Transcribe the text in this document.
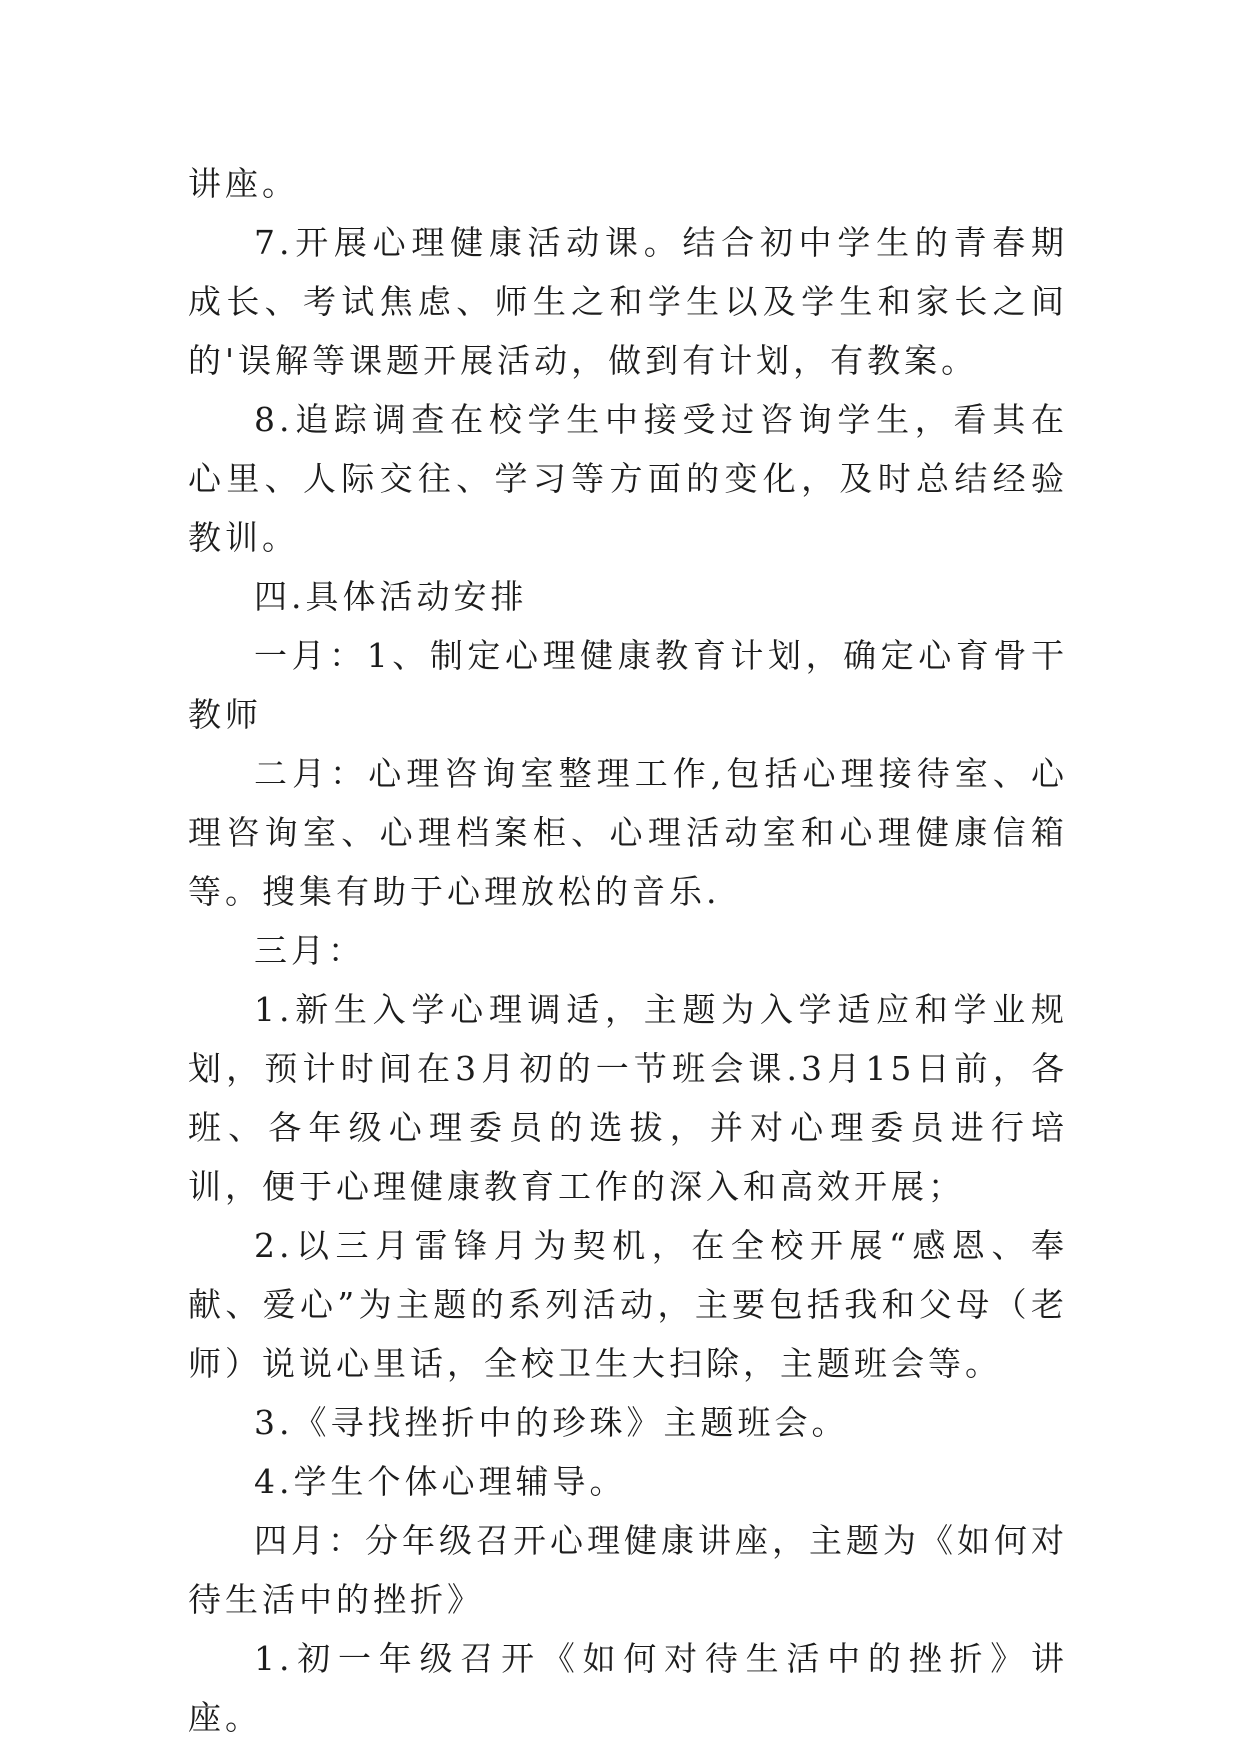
讲座。

7.开展心理健康活动课。结合初中学生的青春期成长、考试焦虑、师生之和学生以及学生和家长之间的'误解等课题开展活动，做到有计划，有教案。

8.追踪调查在校学生中接受过咨询学生，看其在心里、人际交往、学习等方面的变化，及时总结经验教训。

四.具体活动安排

一月：1、制定心理健康教育计划，确定心育骨干教师

二月：心理咨询室整理工作,包括心理接待室、心理咨询室、心理档案柜、心理活动室和心理健康信箱等。搜集有助于心理放松的音乐.

三月：

1.新生入学心理调适，主题为入学适应和学业规划，预计时间在3月初的一节班会课.3月15日前，各班、各年级心理委员的选拔，并对心理委员进行培训，便于心理健康教育工作的深入和高效开展；

2.以三月雷锋月为契机，在全校开展“感恩、奉献、爱心”为主题的系列活动，主要包括我和父母（老师）说说心里话，全校卫生大扫除，主题班会等。

3.《寻找挫折中的珍珠》主题班会。

4.学生个体心理辅导。

四月：分年级召开心理健康讲座，主题为《如何对待生活中的挫折》

1.初一年级召开《如何对待生活中的挫折》讲座。
